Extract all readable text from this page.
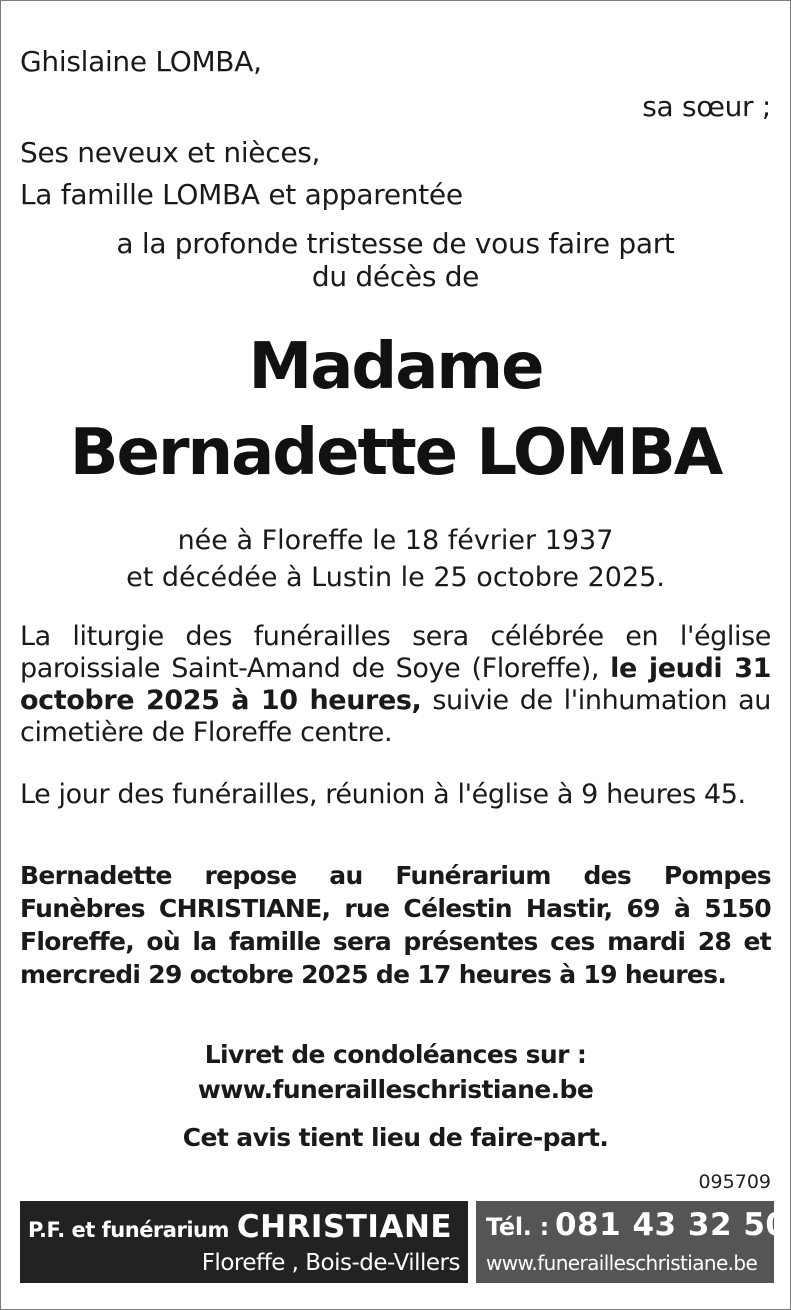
Ghislaine LOMBA,
sa sœur ;
Ses neveux et nièces,
La famille LOMBA et apparentée
a la profonde tristesse de vous faire part
du décès de
Madame
Bernadette LOMBA
née à Floreffe le 18 février 1937
et décédée à Lustin le 25 octobre 2025.
La liturgie des funérailles sera célébrée en l'église paroissiale Saint-Amand de Soye (Floreffe), le jeudi 31 octobre 2025 à 10 heures, suivie de l'inhumation au cimetière de Floreffe centre.
Le jour des funérailles, réunion à l'église à 9 heures 45.
Bernadette repose au Funérarium des Pompes Funèbres CHRISTIANE, rue Célestin Hastir, 69 à 5150 Floreffe, où la famille sera présentes ces mardi 28 et mercredi 29 octobre 2025 de 17 heures à 19 heures.
Livret de condoléances sur :
www.funerailleschristiane.be
Cet avis tient lieu de faire-part.
095709
P.F. et funérarium CHRISTIANE
Floreffe , Bois-de-Villers
Tél. : 081 43 32 50
www.funerailleschristiane.be
